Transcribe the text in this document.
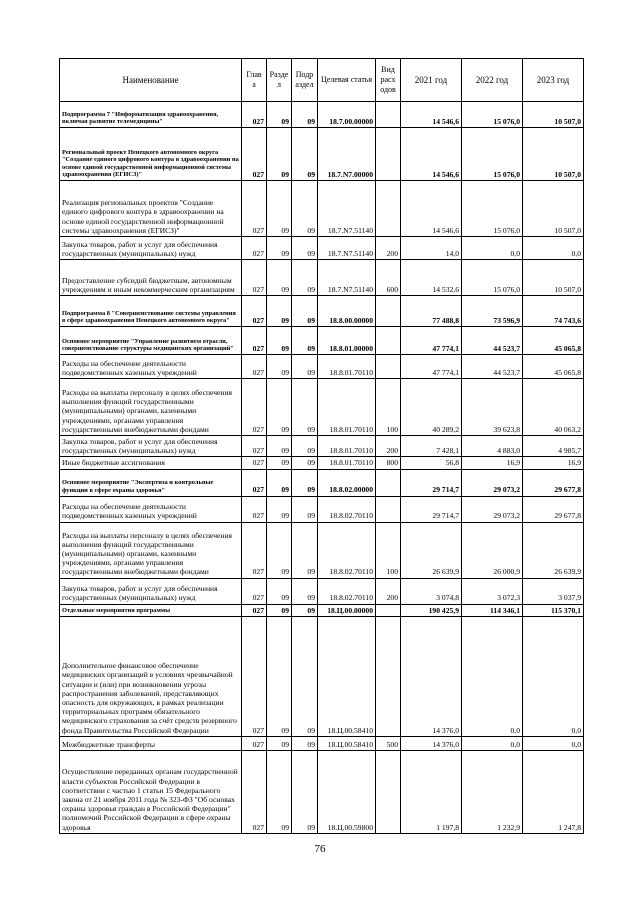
Наименование	Глав а	Разде л	Подр аздел	Целевая статья	Вид расх одов	2021 год	2022 год	2023 год
Подпрограмма 7 "Информатизация здравоохранения, включая развитие телемедицины"	027	09	09	18.7.00.00000		14 546,6	15 076,0	10 507,0
Региональный проект Ненецкого автономного округа "Создание единого цифрового контура в здравоохранении на основе единой государственной информационной системы здравоохранения (ЕГИСЗ)"	027	09	09	18.7.N7.00000		14 546,6	15 076,0	10 507,0
Реализация региональных проектов "Создание единого цифрового контура в здравоохранении на основе единой государственной информационной системы здравоохранения (ЕГИСЗ)"	027	09	09	18.7.N7.51140		14 546,6	15 076,0	10 507,0
Закупка товаров, работ и услуг для обеспечения государственных (муниципальных) нужд	027	09	09	18.7.N7.51140	200	14,0	0,0	0,0
Предоставление субсидий бюджетным, автономным учреждениям и иным некоммерческим организациям	027	09	09	18.7.N7.51140	600	14 532,6	15 076,0	10 507,0
Подпрограмма 8 "Совершенствование системы управления в сфере здравоохранения Ненецкого автономного округа"	027	09	09	18.8.00.00000		77 488,8	73 596,9	74 743,6
Основное мероприятие "Управление развитием отрасли, совершенствование структуры медицинских организаций"	027	09	09	18.8.01.00000		47 774,1	44 523,7	45 065,8
Расходы на обеспечение деятельности подведомственных казенных учреждений	027	09	09	18.8.01.70110		47 774,1	44 523,7	45 065,8
Расходы на выплаты персоналу в целях обеспечения выполнения функций государственными (муниципальными) органами, казенными учреждениями, органами управления государственными внебюджетными фондами	027	09	09	18.8.01.70110	100	40 289,2	39 623,8	40 063,2
Закупка товаров, работ и услуг для обеспечения государственных (муниципальных) нужд	027	09	09	18.8.01.70110	200	7 428,1	4 883,0	4 985,7
Иные бюджетные ассигнования	027	09	09	18.8.01.70110	800	56,8	16,9	16,9
Основное мероприятие "Экспертиза и контрольные функции в сфере охраны здоровья"	027	09	09	18.8.02.00000		29 714,7	29 073,2	29 677,8
Расходы на обеспечение деятельности подведомственных казенных учреждений	027	09	09	18.8.02.70110		29 714,7	29 073,2	29 677,8
Расходы на выплаты персоналу в целях обеспечения выполнения функций государственными (муниципальными) органами, казенными учреждениями, органами управления государственными внебюджетными фондами	027	09	09	18.8.02.70110	100	26 639,9	26 000,9	26 639,9
Закупка товаров, работ и услуг для обеспечения государственных (муниципальных) нужд	027	09	09	18.8.02.70110	200	3 074,8	3 072,3	3 037,9
Отдельные мероприятия программы	027	09	09	18.Ц.00.00000		190 425,9	114 346,1	115 370,1
Дополнительное финансовое обеспечение медицинских организаций в условиях чрезвычайной ситуации и (или) при возникновении угрозы распространения заболеваний, представляющих опасность для окружающих, в рамках реализации территориальных программ обязательного медицинского страхования за счёт средств резервного фонда Правительства Российской Федерации	027	09	09	18.Ц.00.58410		14 376,0	0,0	0,0
Межбюджетные трансферты	027	09	09	18.Ц.00.58410	500	14 376,0	0,0	0,0
Осуществление переданных органам государственной власти субъектов Российской Федерации в соответствии с частью 1 статьи 15 Федерального закона от 21 ноября 2011 года № 323-ФЗ "Об основах охраны здоровья граждан в Российской Федерации" полномочий Российской Федерации в сфере охраны здоровья	027	09	09	18.Ц.00.59800		1 197,8	1 232,9	1 247,8
76
